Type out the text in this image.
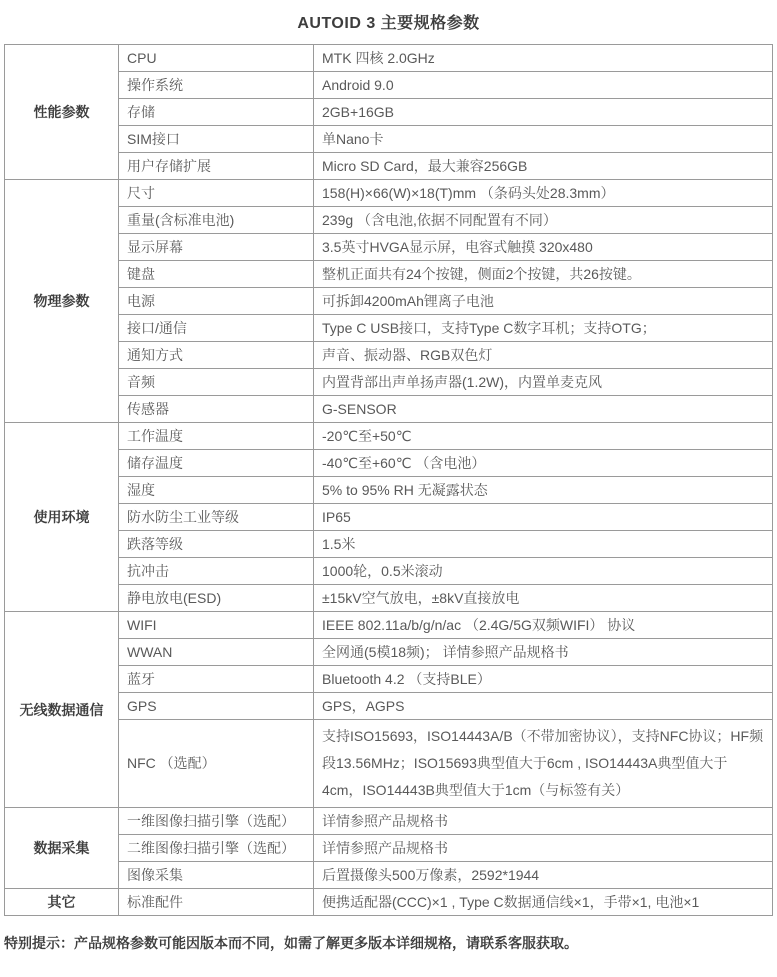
AUTOID 3 主要规格参数
性能参数	CPU	MTK 四核 2.0GHz
	操作系统	Android 9.0
	存储	2GB+16GB
	SIM接口	单Nano卡
	用户存储扩展	Micro SD Card，最大兼容256GB
物理参数	尺寸	158(H)×66(W)×18(T)mm （条码头处28.3mm）
	重量(含标准电池)	239g （含电池,依据不同配置有不同）
	显示屏幕	3.5英寸HVGA显示屏，电容式触摸 320x480
	键盘	整机正面共有24个按键，侧面2个按键，共26按键。
	电源	可拆卸4200mAh锂离子电池
	接口/通信	Type C USB接口，支持Type C数字耳机；支持OTG；
	通知方式	声音、振动器、RGB双色灯
	音频	内置背部出声单扬声器(1.2W)，内置单麦克风
	传感器	G-SENSOR
使用环境	工作温度	-20℃至+50℃
	储存温度	-40℃至+60℃ （含电池）
	湿度	5% to 95% RH 无凝露状态
	防水防尘工业等级	IP65
	跌落等级	1.5米
	抗冲击	1000轮，0.5米滚动
	静电放电(ESD)	±15kV空气放电，±8kV直接放电
无线数据通信	WIFI	IEEE 802.11a/b/g/n/ac （2.4G/5G双频WIFI） 协议
	WWAN	全网通(5模18频)； 详情参照产品规格书
	蓝牙	Bluetooth 4.2 （支持BLE）
	GPS	GPS，AGPS
	NFC （选配）	支持ISO15693，ISO14443A/B（不带加密协议），支持NFC协议；HF频段13.56MHz；ISO15693典型值大于6cm , ISO14443A典型值大于4cm，ISO14443B典型值大于1cm（与标签有关）
数据采集	一维图像扫描引擎（选配）	详情参照产品规格书
	二维图像扫描引擎（选配）	详情参照产品规格书
	图像采集	后置摄像头500万像素，2592*1944
其它	标准配件	便携适配器(CCC)×1 , Type C数据通信线×1，手带×1, 电池×1
特别提示：产品规格参数可能因版本而不同，如需了解更多版本详细规格，请联系客服获取。
